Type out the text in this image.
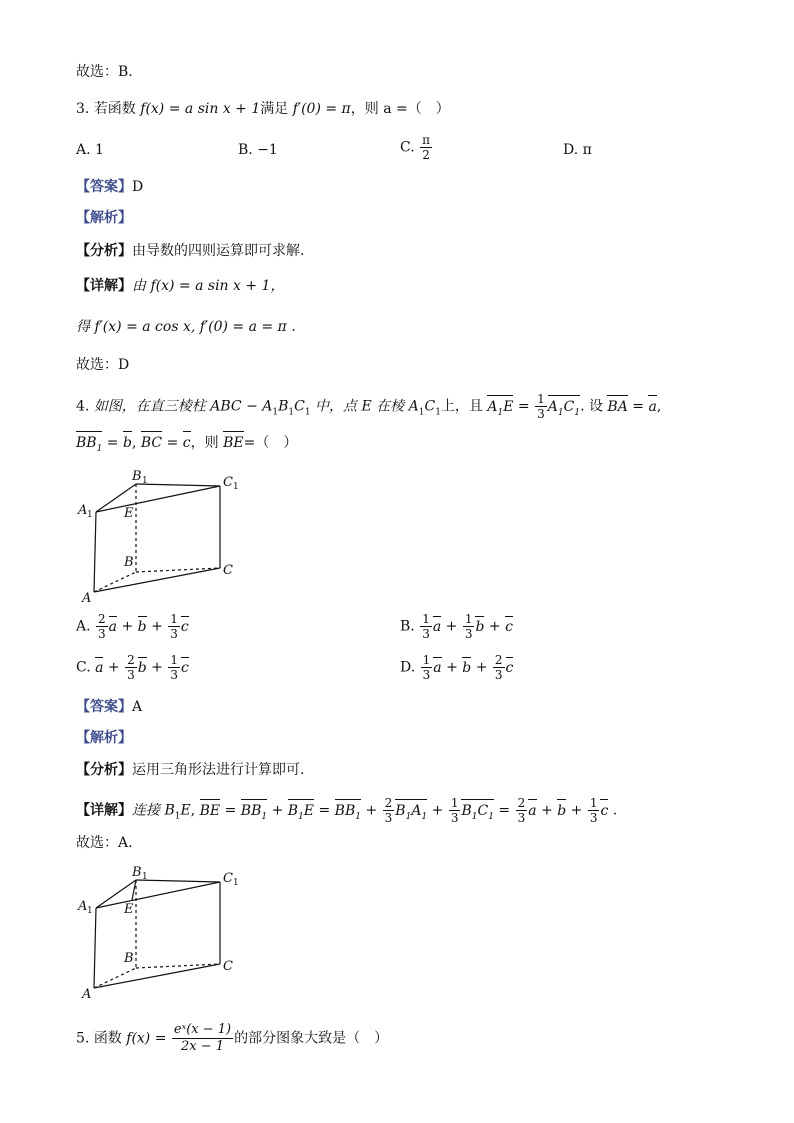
故选：B.
3. 若函数 f(x) = a sin x + 1满足 f′(0) = π，则 a =（　）
A. 1	B. −1	C. $\frac{\pi}{2}$	D. π
【答案】D
【解析】
【分析】由导数的四则运算即可求解.
【详解】由 f(x) = a sin x + 1，
得 f′(x) = a cos x, f′(0) = a = π .
故选：D
4. 如图，在直三棱柱 ABC − $A_1B_1C_1$ 中，点 E 在棱 $A_1C_1$上，且 $A_1E = \frac{1}{3} A_1C_1$. 设 BA = a,
$BB_1 = b$, BC = c，则 BE=（　）
B 1	C 1
A 1 E
B
C
A
A. $\frac{2}{3}$ $a + b + \frac{1}{3}$ c	B. $\frac{1}{3}$ $a + \frac{1}{3}$ b + c
C. $a + \frac{2}{3}$ $b + \frac{1}{3}$ c	D. $\frac{1}{3}$ $a + b + \frac{2}{3}$ c
【答案】A
【解析】
【分析】运用三角形法进行计算即可.
【详解】连接 $B_1E$, BE = $BB_1 + B_1E = BB_1 + \frac{2}{3} B_1A_1 + \frac{1}{3} B_1C_1 = \frac{2}{3}$ $a + b + \frac{1}{3}$ c .
故选：A.
B 1	C 1
A 1 E
B
C
A
5. 函数 $f(x) = \frac{\text{eˣ(x − 1)}}{2x - 1}$ 的部分图象大致是（　）
